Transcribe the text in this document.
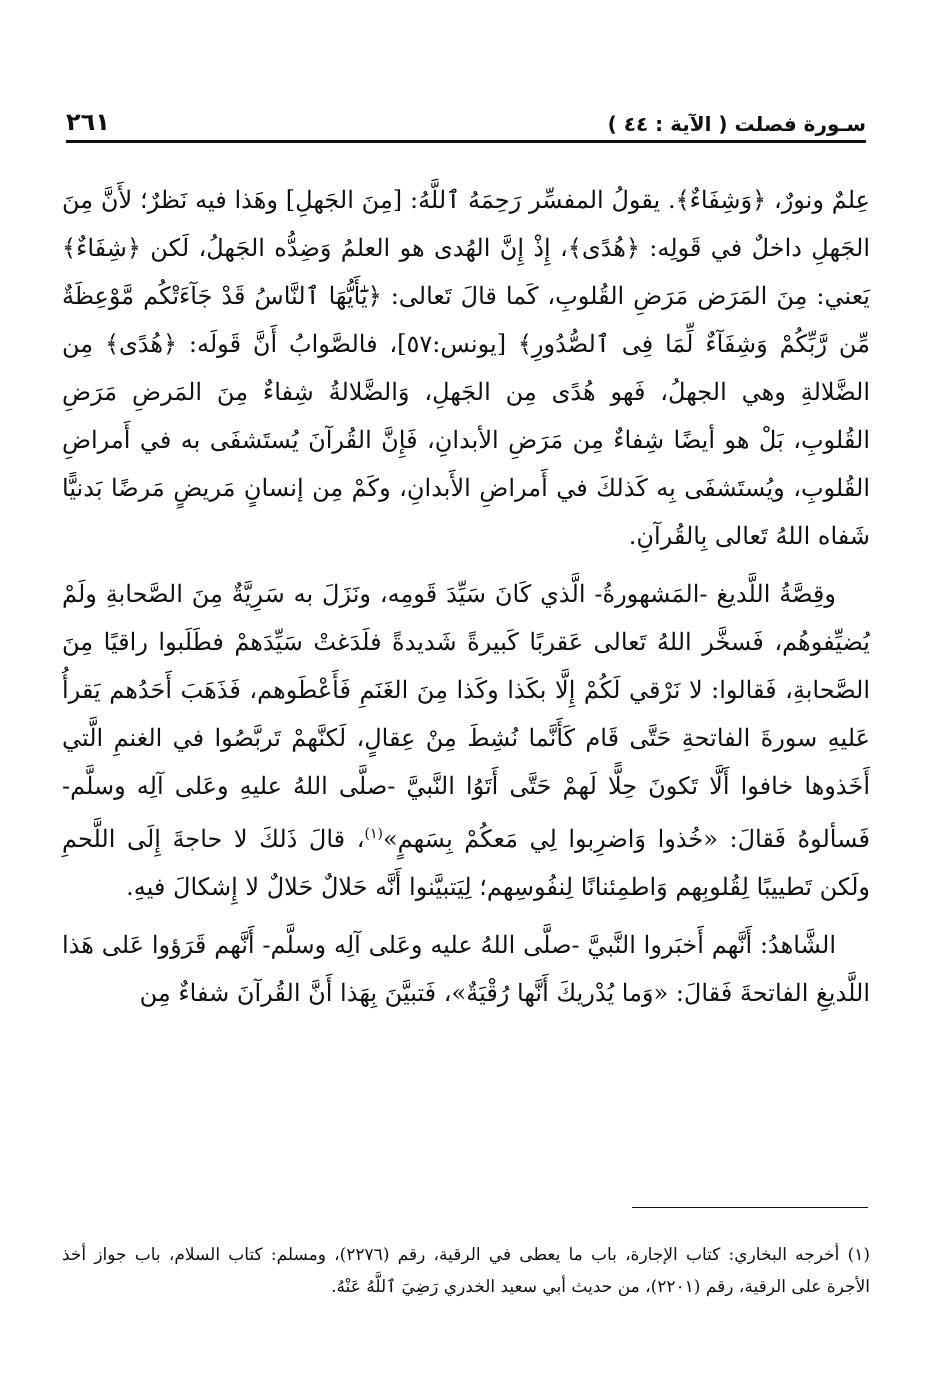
سـورة فصلت ( الآية : ٤٤ )
٢٦١

عِلمٌ ونورٌ، ﴿وَشِفَاءٌ﴾. يقولُ المفسِّر رَحِمَهُ ٱللَّهُ: [مِنَ الجَهلِ] وهَذا فيه نَظرٌ؛ لأَنَّ مِنَ الجَهلِ داخلٌ في قَولِه: ﴿هُدًى﴾، إِذْ إِنَّ الهُدى هو العلمُ وَضِدُّه الجَهلُ، لَكن ﴿شِفَاءٌ﴾ يَعني: مِنَ المَرَض مَرَضِ القُلوبِ، كَما قالَ تَعالى: ﴿يَٰٓأَيُّهَا ٱلنَّاسُ قَدْ جَآءَتْكُم مَّوْعِظَةٌ مِّن رَّبِّكُمْ وَشِفَآءٌ لِّمَا فِى ٱلصُّدُورِ﴾ [يونس:٥٧]، فالصَّوابُ أَنَّ قَولَه: ﴿هُدًى﴾ مِن الضَّلالةِ وهي الجهلُ، فَهو هُدًى مِن الجَهلِ، وَالضَّلالةُ شِفاءٌ مِنَ المَرضِ مَرَضِ القُلوبِ، بَلْ هو أيضًا شِفاءٌ مِن مَرَضِ الأبدانِ، فَإِنَّ القُرآنَ يُستَشفَى به في أَمراضِ القُلوبِ، ويُستَشفَى بِه كَذلكَ في أَمراضِ الأَبدانِ، وكَمْ مِن إنسانٍ مَريضٍ مَرضًا بَدنيًّا شَفاه اللهُ تَعالى بِالقُرآنِ.

وقِصَّةُ اللَّديغ -المَشهورةُ- الَّذي كَانَ سَيِّدَ قَومِه، ونَزَلَ به سَرِيَّةٌ مِنَ الصَّحابةِ ولَمْ يُضيِّفوهُم، فَسخَّر اللهُ تَعالى عَقربًا كَبيرةً شَديدةً فلَدَغتْ سَيِّدَهمْ فطَلَبوا راقيًا مِنَ الصَّحابةِ، فَقالوا: لا نَرْقي لَكُمْ إِلَّا بكَذا وكَذا مِنَ الغَنَمِ فَأَعْطَوهم، فَذَهَبَ أَحَدُهم يَقرأُ عَليهِ سورةَ الفاتحةِ حَتَّى قَام كَأَنَّما نُشِطَ مِنْ عِقالٍ، لَكنَّهمْ تَربَّصُوا في الغنمِ الَّتي أَخَذوها خافوا أَلَّا تَكونَ حِلًّا لَهمْ حَتَّى أَتَوُا النَّبيَّ -صلَّى اللهُ عليهِ وعَلى آلِه وسلَّم- فَسألوهُ فَقالَ: «خُذوا وَاضرِبوا لِي مَعكُمْ بِسَهمٍ»$^{(١)}$، قالَ ذَلكَ لا حاجةَ إِلَى اللَّحمِ ولَكن تَطييبًا لِقُلوبِهم وَاطمِئنانًا لِنفُوسِهم؛ لِيَتبيَّنوا أَنَّه حَلالٌ حَلالٌ لا إِشكالَ فيهِ.

الشَّاهدُ: أَنَّهم أَخبَروا النَّبيَّ -صلَّى اللهُ عليه وعَلى آلِه وسلَّم- أَنَّهم قَرَؤوا عَلى هَذا اللَّديغِ الفاتحةَ فَقالَ: «وَما يُدْريكَ أَنَّها رُقْيَةٌ»، فَتبيَّنَ بِهَذا أَنَّ القُرآنَ شفاءٌ مِن

(١) أخرجه البخاري: كتاب الإجارة، باب ما يعطى في الرقية، رقم (٢٢٧٦)، ومسلم: كتاب السلام، باب جواز أخذ الأجرة على الرقية، رقم (٢٢٠١)، من حديث أبي سعيد الخدري رَضِيَ ٱللَّهُ عَنْهُ.
